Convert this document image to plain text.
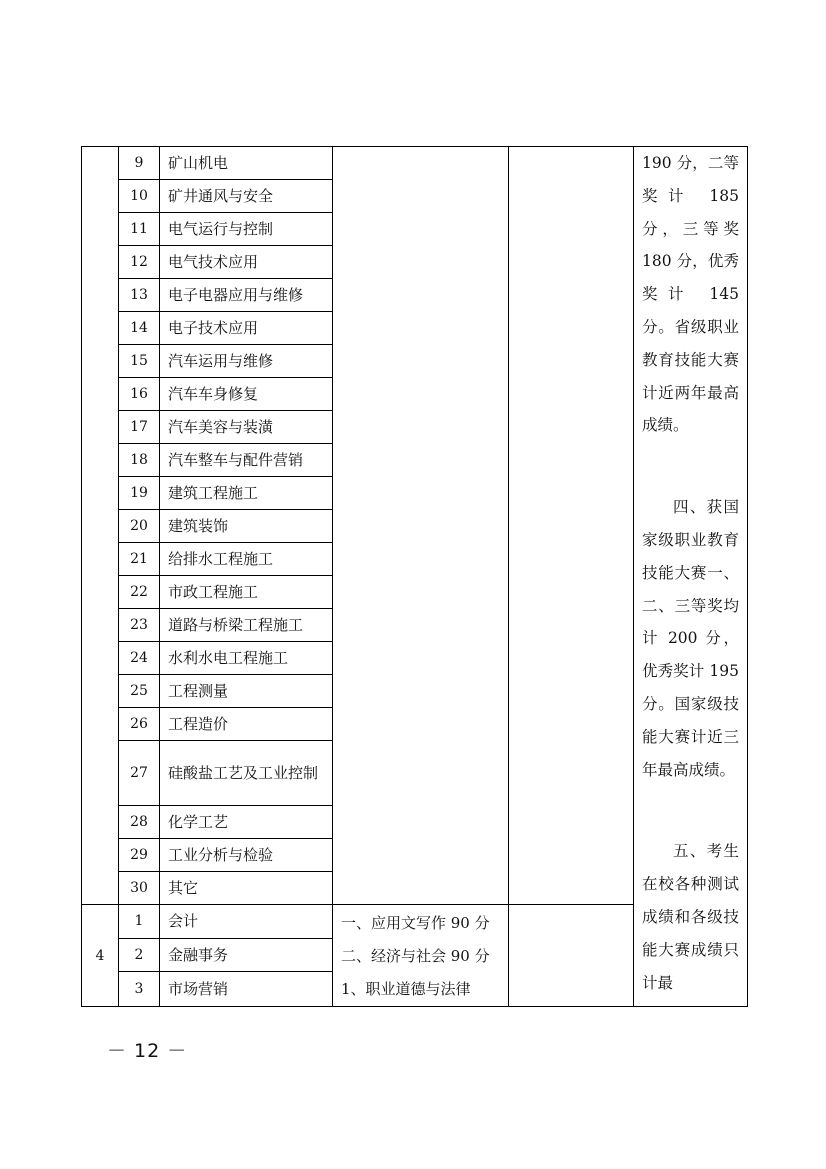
	9	矿山机电			190 分，二等奖计 185 分，三等奖 180 分，优秀奖计 145 分。省级职业教育技能大赛计近两年最高成绩。

四、获国家级职业教育技能大赛一、二、三等奖均计 200 分，优秀奖计 195 分。国家级技能大赛计近三年最高成绩。

五、考生在校各种测试成绩和各级技能大赛成绩只计最

	10	矿井通风与安全			
	11	电气运行与控制			
	12	电气技术应用			
	13	电子电器应用与维修			
	14	电子技术应用			
	15	汽车运用与维修			
	16	汽车车身修复			
	17	汽车美容与装潢			
	18	汽车整车与配件营销			
	19	建筑工程施工			
	20	建筑装饰			
	21	给排水工程施工			
	22	市政工程施工			
	23	道路与桥梁工程施工			
	24	水利水电工程施工			
	25	工程测量			
	26	工程造价			
	27	硅酸盐工艺及工业控制			
	28	化学工艺			
	29	工业分析与检验			
	30	其它			
4	1	会计	一、应用文写作 90 分
二、经济与社会 90 分
1、职业道德与法律		

	2	金融事务			
	3	市场营销			
－ 12 －
